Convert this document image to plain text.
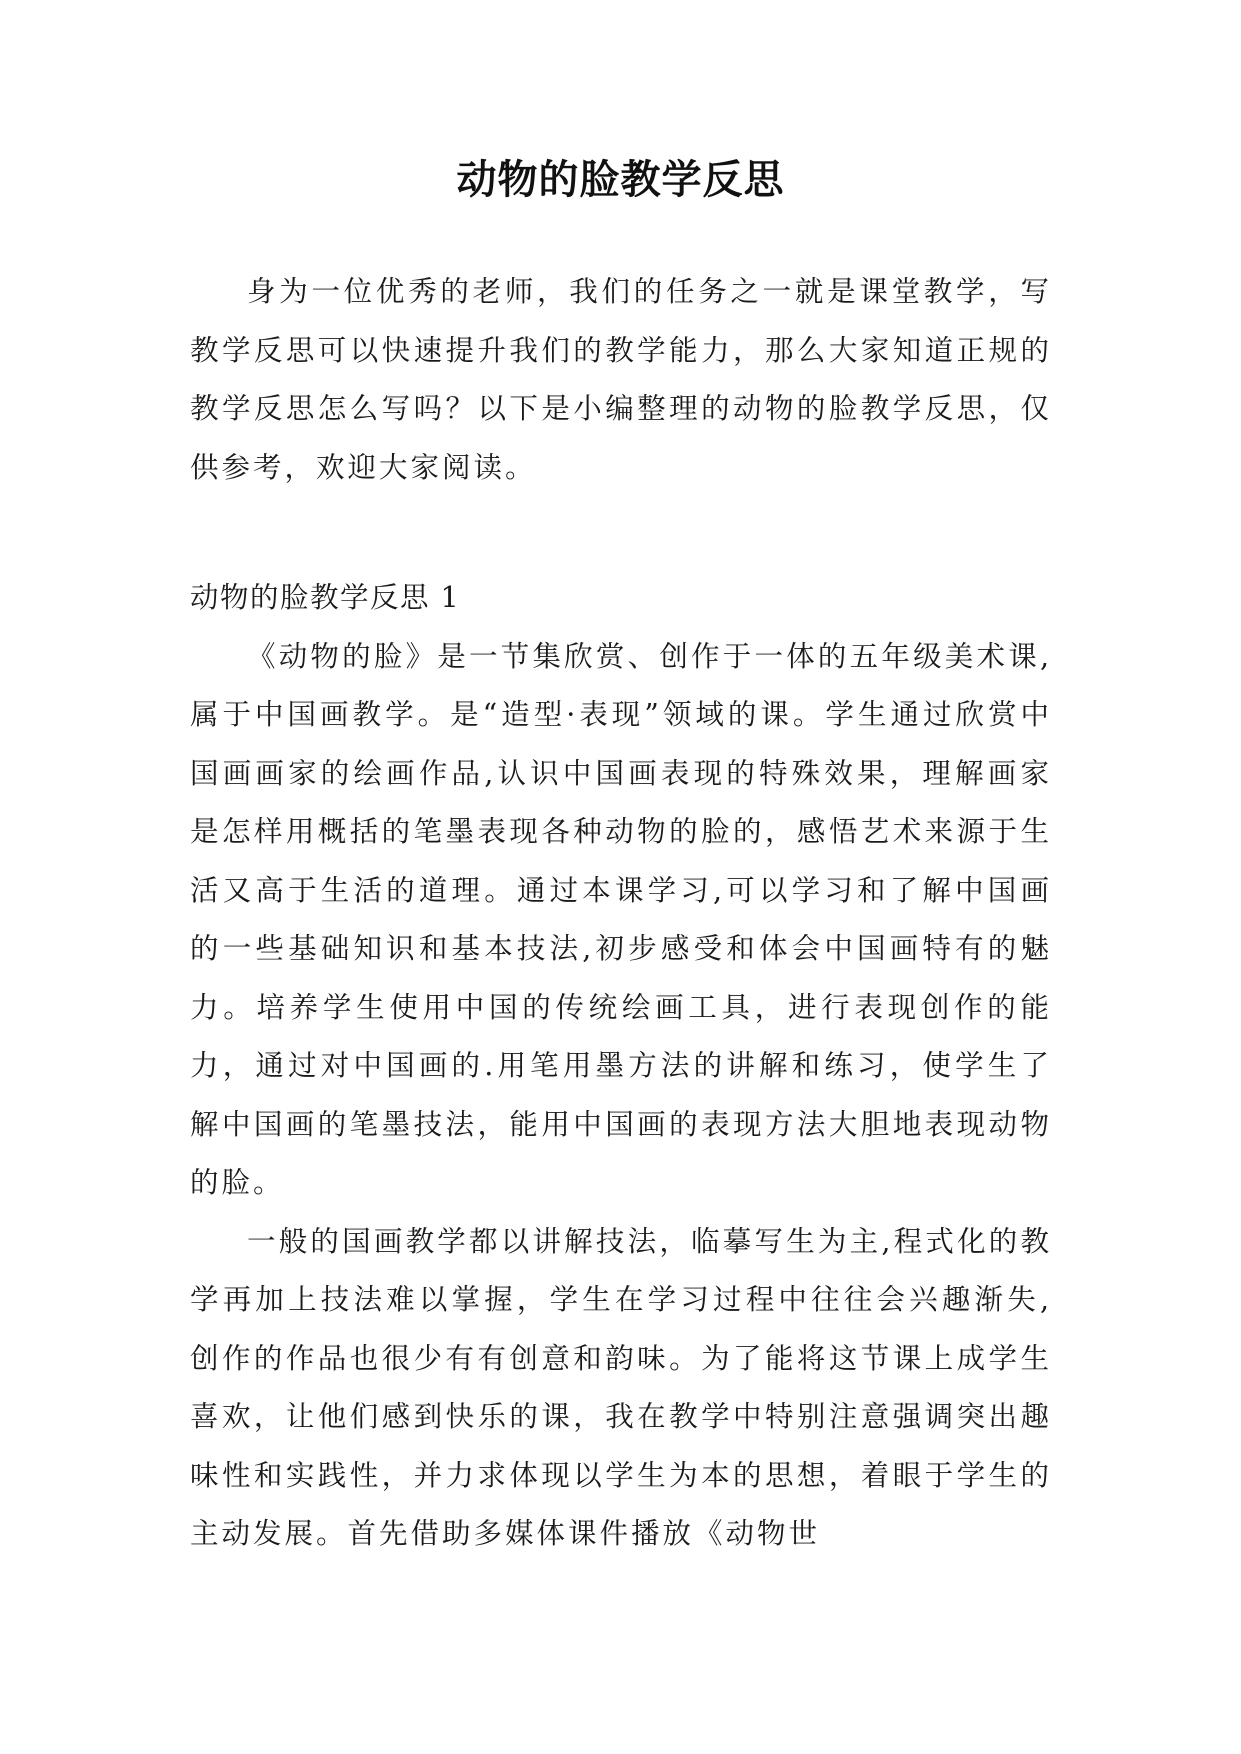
动物的脸教学反思

身为一位优秀的老师，我们的任务之一就是课堂教学，写教学反思可以快速提升我们的教学能力，那么大家知道正规的教学反思怎么写吗？以下是小编整理的动物的脸教学反思，仅供参考，欢迎大家阅读。

动物的脸教学反思 1

《动物的脸》是一节集欣赏、创作于一体的五年级美术课,属于中国画教学。是“造型·表现”领域的课。学生通过欣赏中国画画家的绘画作品,认识中国画表现的特殊效果，理解画家是怎样用概括的笔墨表现各种动物的脸的，感悟艺术来源于生活又高于生活的道理。通过本课学习,可以学习和了解中国画的一些基础知识和基本技法,初步感受和体会中国画特有的魅力。培养学生使用中国的传统绘画工具，进行表现创作的能力，通过对中国画的.用笔用墨方法的讲解和练习，使学生了解中国画的笔墨技法，能用中国画的表现方法大胆地表现动物的脸。

一般的国画教学都以讲解技法，临摹写生为主,程式化的教学再加上技法难以掌握，学生在学习过程中往往会兴趣渐失,创作的作品也很少有有创意和韵味。为了能将这节课上成学生喜欢，让他们感到快乐的课，我在教学中特别注意强调突出趣味性和实践性，并力求体现以学生为本的思想，着眼于学生的主动发展。首先借助多媒体课件播放《动物世
